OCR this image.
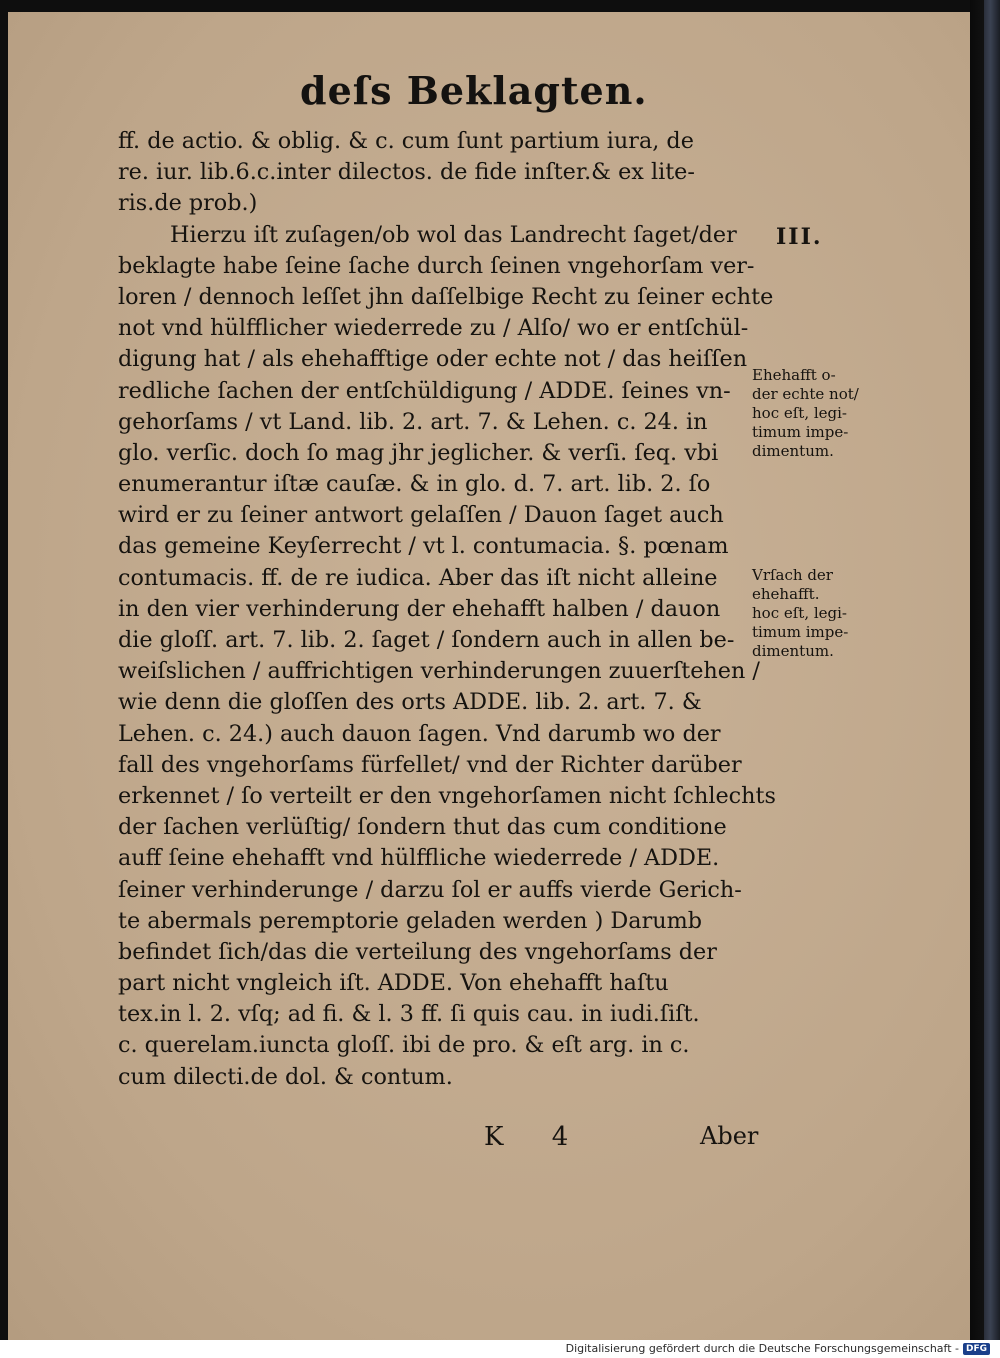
deſs Beklagten.
III.
ff. de actio. & oblig. & c. cum ſunt partium iura, de
re. iur. lib.6.c.inter dilectos. de fide inſter.& ex lite-
ris.de prob.)
Hierzu iſt zuſagen/ob wol das Landrecht ſaget/der
beklagte habe ſeine ſache durch ſeinen vngehorſam ver-
loren / dennoch leſſet jhn daſſelbige Recht zu ſeiner echte
not vnd hülfflicher wiederrede zu / Alſo/ wo er entſchül-
digung hat / als ehehafftige oder echte not / das heiſſen
redliche ſachen der entſchüldigung / ADDE. ſeines vn-
gehorſams / vt Land. lib. 2. art. 7. & Lehen. c. 24. in
glo. verſic. doch ſo mag jhr jeglicher. & verſi. ſeq. vbi
enumerantur iſtæ cauſæ. & in glo. d. 7. art. lib. 2. ſo
wird er zu ſeiner antwort gelaſſen / Dauon ſaget auch
das gemeine Keyſerrecht / vt l. contumacia. §. pœnam
contumacis. ff. de re iudica. Aber das iſt nicht alleine
in den vier verhinderung der ehehafft halben / dauon
die gloſſ. art. 7. lib. 2. ſaget / ſondern auch in allen be-
weiſslichen / auffrichtigen verhinderungen zuuerſtehen /
wie denn die gloſſen des orts ADDE. lib. 2. art. 7. &
Lehen. c. 24.) auch dauon ſagen. Vnd darumb wo der
fall des vngehorſams fürfellet/ vnd der Richter darüber
erkennet / ſo verteilt er den vngehorſamen nicht ſchlechts
der ſachen verlüſtig/ ſondern thut das cum conditione
auff ſeine ehehafft vnd hülffliche wiederrede / ADDE.
ſeiner verhinderunge / darzu ſol er auffs vierde Gerich-
te abermals peremptorie geladen werden ) Darumb
befindet ſich/das die verteilung des vngehorſams der
part nicht vngleich iſt. ADDE. Von ehehafft haſtu
tex.in l. 2. vſq; ad fi. & l. 3 ff. ſi quis cau. in iudi.ſiſt.
c. querelam.iuncta gloſſ. ibi de pro. & eſt arg. in c.
cum dilecti.de dol. & contum.
Ehehafft o-
der echte not/
hoc eſt, legi-
timum impe-
dimentum.
Vrſach der
ehehafft.
hoc eſt, legi-
timum impe-
dimentum.
K 4	Aber
Digitalisierung gefördert durch die Deutsche Forschungsgemeinschaft - DFG
